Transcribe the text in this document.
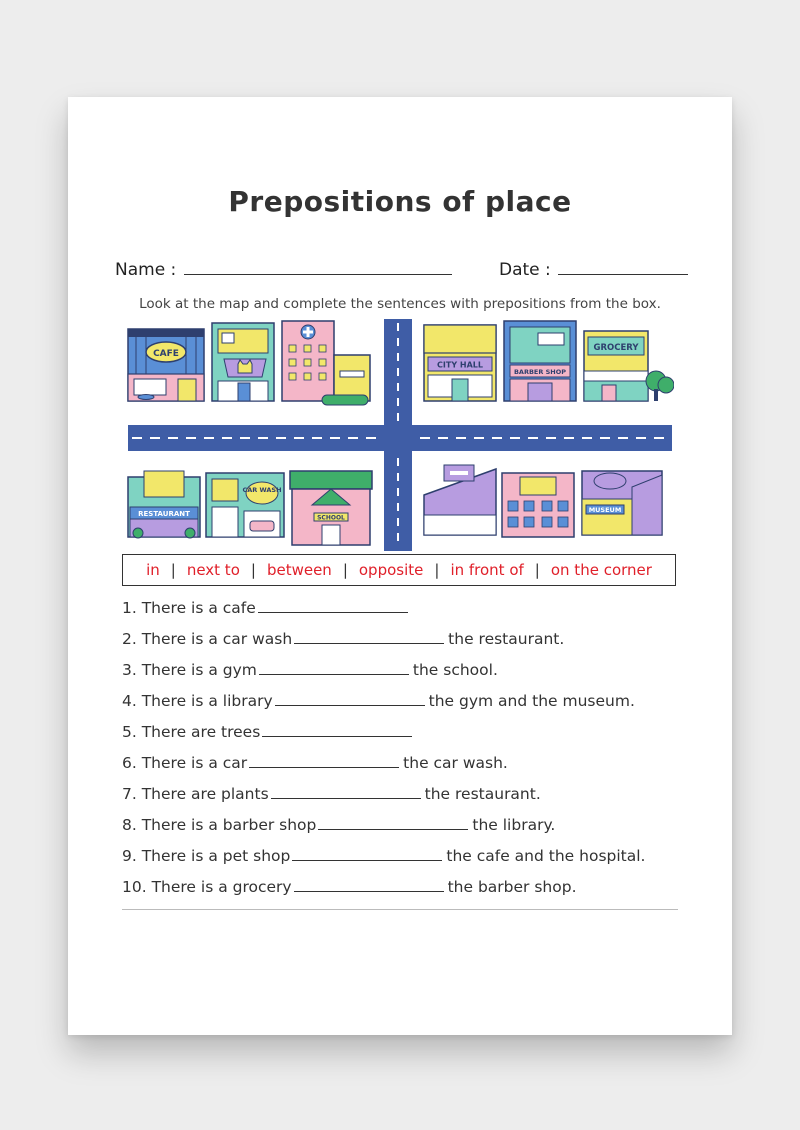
Prepositions of place
Name :	Date :
Look at the map and complete the sentences with prepositions from the box.
CAFE
CITY HALL
BARBER SHOP
GROCERY
RESTAURANT
CAR WASH
SCHOOL
MUSEUM
in | next to | between | opposite | in front of | on the corner
1. There is a cafe
2. There is a car wash	the restaurant.
3. There is a gym	the school.
4. There is a library	the gym and the museum.
5. There are trees
6. There is a car	the car wash.
7. There are plants	the restaurant.
8. There is a barber shop	the library.
9. There is a pet shop	the cafe and the hospital.
10. There is a grocery	the barber shop.
